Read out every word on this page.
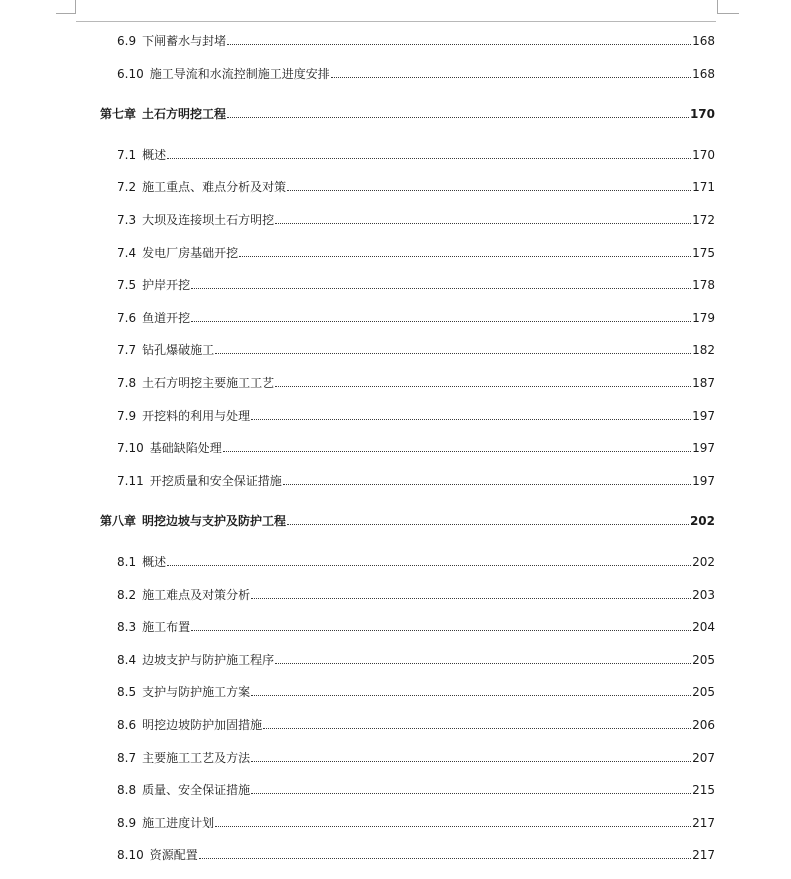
6.9 下闸蓄水与封堵	168
6.10 施工导流和水流控制施工进度安排	168
第七章 土石方明挖工程	170
7.1 概述	170
7.2 施工重点、难点分析及对策	171
7.3 大坝及连接坝土石方明挖	172
7.4 发电厂房基础开挖	175
7.5 护岸开挖	178
7.6 鱼道开挖	179
7.7 钻孔爆破施工	182
7.8 土石方明挖主要施工工艺	187
7.9 开挖料的利用与处理	197
7.10 基础缺陷处理	197
7.11 开挖质量和安全保证措施	197
第八章 明挖边坡与支护及防护工程	202
8.1 概述	202
8.2 施工难点及对策分析	203
8.3 施工布置	204
8.4 边坡支护与防护施工程序	205
8.5 支护与防护施工方案	205
8.6 明挖边坡防护加固措施	206
8.7 主要施工工艺及方法	207
8.8 质量、安全保证措施	215
8.9 施工进度计划	217
8.10 资源配置	217
